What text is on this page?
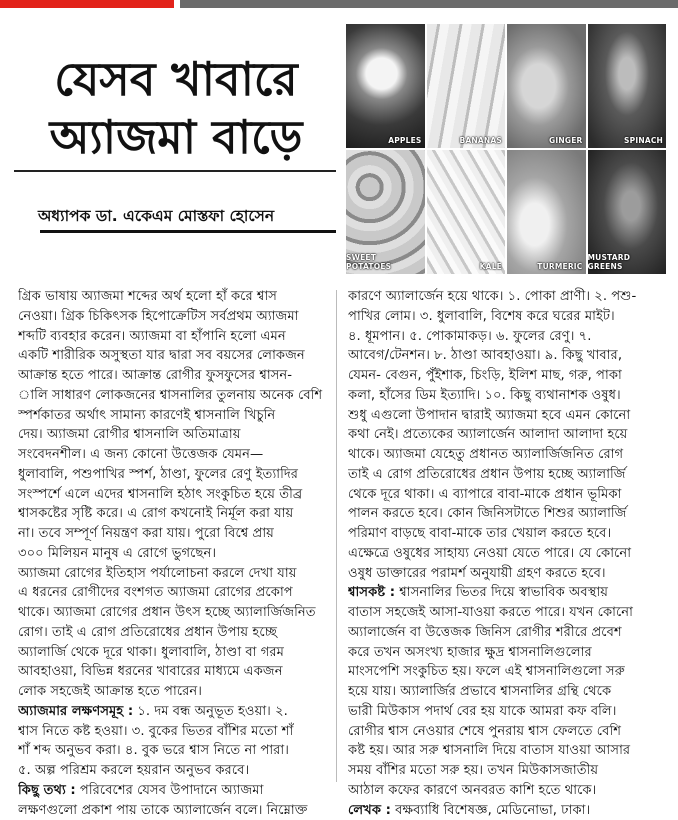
যেসব খাবারে
অ্যাজমা বাড়ে
অধ্যাপক ডা. একেএম মোস্তফা হোসেন
APPLES	BANANAS	GINGER	SPINACH
SWEET POTATOES	KALE	TURMERIC
MUSTARD GREENS

গ্রিক ভাষায় অ্যাজমা শব্দের অর্থ হলো হাঁ করে শ্বাস
নেওয়া। গ্রিক চিকিৎসক হিপোক্রেটিস সর্বপ্রথম অ্যাজমা
শব্দটি ব্যবহার করেন। অ্যাজমা বা হাঁপানি হলো এমন
একটি শারীরিক অসুস্থতা যার দ্বারা সব বয়সের লোকজন
আক্রান্ত হতে পারে। আক্রান্ত রোগীর ফুসফুসের শ্বাসন-
ালি সাধারণ লোকজনের শ্বাসনালির তুলনায় অনেক বেশি
স্পর্শকাতর অর্থাৎ সামান্য কারণেই শ্বাসনালি খিচুনি
দেয়। অ্যাজমা রোগীর শ্বাসনালি অতিমাত্রায়
সংবেদনশীল। এ জন্য কোনো উত্তেজক যেমন—
ধুলাবালি, পশুপাখির স্পর্শ, ঠাণ্ডা, ফুলের রেণু ইত্যাদির
সংস্পর্শে এলে এদের শ্বাসনালি হঠাৎ সংকুচিত হয়ে তীব্র
শ্বাসকষ্টের সৃষ্টি করে। এ রোগ কখনোই নির্মূল করা যায়
না। তবে সম্পূর্ণ নিয়ন্ত্রণ করা যায়। পুরো বিশ্বে প্রায়
৩০০ মিলিয়ন মানুষ এ রোগে ভুগছেন।

অ্যাজমা রোগের ইতিহাস পর্যালোচনা করলে দেখা যায়
এ ধরনের রোগীদের বংশগত অ্যাজমা রোগের প্রকোপ
থাকে। অ্যাজমা রোগের প্রধান উৎস হচ্ছে অ্যালার্জিজনিত
রোগ। তাই এ রোগ প্রতিরোধের প্রধান উপায় হচ্ছে
অ্যালার্জি থেকে দূরে থাকা। ধুলাবালি, ঠাণ্ডা বা গরম
আবহাওয়া, বিভিন্ন ধরনের খাবারের মাধ্যমে একজন
লোক সহজেই আক্রান্ত হতে পারেন।

অ্যাজমার লক্ষণসমূহ : ১. দম বন্ধ অনুভূত হওয়া। ২.
শ্বাস নিতে কষ্ট হওয়া। ৩. বুকের ভিতর বাঁশির মতো শাঁ
শাঁ শব্দ অনুভব করা। ৪. বুক ভরে শ্বাস নিতে না পারা।
৫. অল্প পরিশ্রম করলে হয়রান অনুভব করবে।

কিছু তথ্য : পরিবেশের যেসব উপাদানে অ্যাজমা
লক্ষণগুলো প্রকাশ পায় তাকে অ্যালার্জেন বলে। নিম্নোক্ত

কারণে অ্যালার্জেন হয়ে থাকে। ১. পোকা প্রাণী। ২. পশু-
পাখির লোম। ৩. ধুলাবালি, বিশেষ করে ঘরের মাইট।
৪. ধূমপান। ৫. পোকামাকড়। ৬. ফুলের রেণু। ৭.
আবেগ/টেনশন। ৮. ঠাণ্ডা আবহাওয়া। ৯. কিছু খাবার,
যেমন- বেগুন, পুঁইশাক, চিংড়ি, ইলিশ মাছ, গরু, পাকা
কলা, হাঁসের ডিম ইত্যাদি। ১০. কিছু ব্যথানাশক ওষুধ।
শুধু এগুলো উপাদান দ্বারাই অ্যাজমা হবে এমন কোনো
কথা নেই। প্রত্যেকের অ্যালার্জেন আলাদা আলাদা হয়ে
থাকে। অ্যাজমা যেহেতু প্রধানত অ্যালার্জিজনিত রোগ
তাই এ রোগ প্রতিরোধের প্রধান উপায় হচ্ছে অ্যালার্জি
থেকে দূরে থাকা। এ ব্যাপারে বাবা-মাকে প্রধান ভূমিকা
পালন করতে হবে। কোন জিনিসটাতে শিশুর অ্যালার্জি
পরিমাণ বাড়ছে বাবা-মাকে তার খেয়াল করতে হবে।
এক্ষেত্রে ওষুধের সাহায্য নেওয়া যেতে পারে। যে কোনো
ওষুধ ডাক্তারের পরামর্শ অনুযায়ী গ্রহণ করতে হবে।

শ্বাসকষ্ট : শ্বাসনালির ভিতর দিয়ে স্বাভাবিক অবস্থায়
বাতাস সহজেই আসা-যাওয়া করতে পারে। যখন কোনো
অ্যালার্জেন বা উত্তেজক জিনিস রোগীর শরীরে প্রবেশ
করে তখন অসংখ্য হাজার ক্ষুদ্র শ্বাসনালিগুলোর
মাংসপেশি সংকুচিত হয়। ফলে এই শ্বাসনালিগুলো সরু
হয়ে যায়। অ্যালার্জির প্রভাবে শ্বাসনালির গ্রন্থি থেকে
ভারী মিউকাস পদার্থ বের হয় যাকে আমরা কফ বলি।
রোগীর শ্বাস নেওয়ার শেষে পুনরায় শ্বাস ফেলতে বেশি
কষ্ট হয়। আর সরু শ্বাসনালি দিয়ে বাতাস যাওয়া আসার
সময় বাঁশির মতো সরু হয়। তখন মিউকাসজাতীয়
আঠাল কফের কারণে অনবরত কাশি হতে থাকে।

লেখক : বক্ষব্যাধি বিশেষজ্ঞ, মেডিনোভা, ঢাকা।
